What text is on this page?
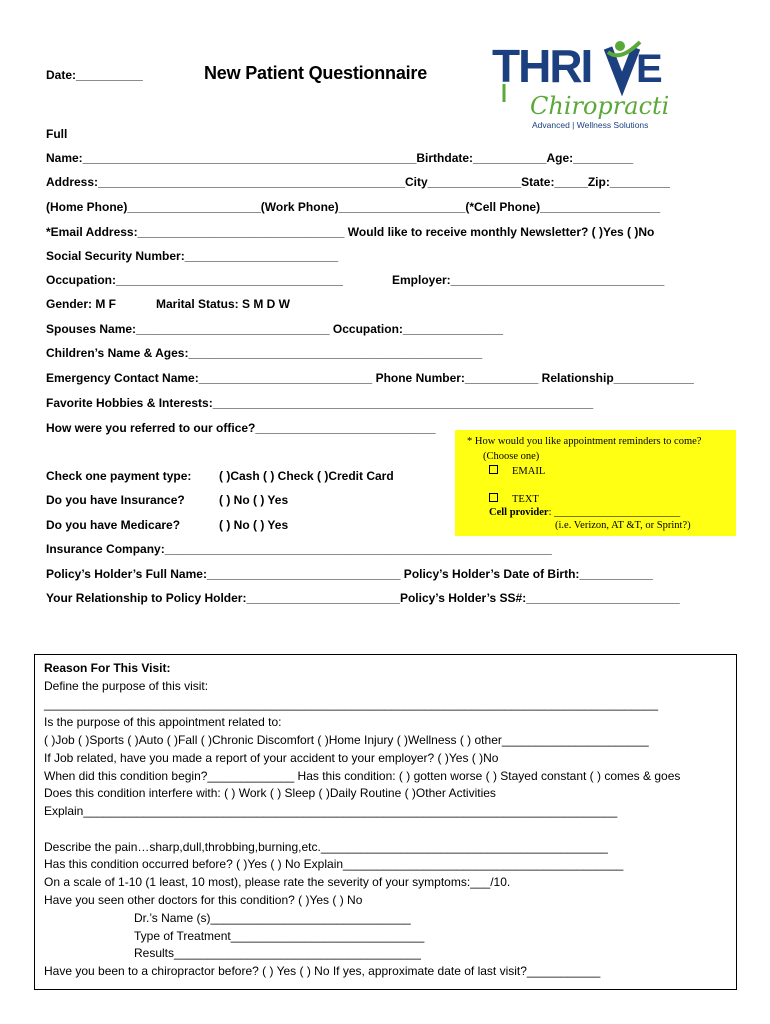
Date:__________	New Patient Questionnaire THRI E
Chiropractic
Advanced | Wellness Solutions
Full
Name:__________________________________________________Birthdate:___________Age:_________
Address:______________________________________________City______________State:_____Zip:_________
(Home Phone)____________________(Work Phone)___________________(*Cell Phone)__________________
*Email Address:_______________________________ Would like to receive monthly Newsletter? ( )Yes ( )No
Social Security Number:_______________________
Occupation:__________________________________	Employer:________________________________
Gender: M F	Marital Status: S M D W
Spouses Name:_____________________________ Occupation:_______________
Children’s Name & Ages:____________________________________________
Emergency Contact Name:__________________________ Phone Number:___________ Relationship____________
Favorite Hobbies & Interests:_________________________________________________________
How were you referred to our office?___________________________
Check one payment type: ( )Cash ( ) Check ( )Credit Card
Do you have Insurance?	( ) No ( ) Yes
Do you have Medicare?	( ) No ( ) Yes
Insurance Company:__________________________________________________________
Policy’s Holder’s Full Name:_____________________________ Policy’s Holder’s Date of Birth:___________
Your Relationship to Policy Holder:_______________________Policy’s Holder’s SS#:_______________________
* How would you like appointment reminders to come?
(Choose one)
EMAIL
TEXT
Cell provider: ________________________
(i.e. Verizon, AT &T, or Sprint?)
Reason For This Visit:
Define the purpose of this visit:
____________________________________________________________________________________________
Is the purpose of this appointment related to:
( )Job ( )Sports ( )Auto ( )Fall ( )Chronic Discomfort ( )Home Injury ( )Wellness ( ) other______________________
If Job related, have you made a report of your accident to your employer? ( )Yes ( )No
When did this condition begin?_____________ Has this condition: ( ) gotten worse ( ) Stayed constant ( ) comes & goes
Does this condition interfere with: ( ) Work ( ) Sleep ( )Daily Routine ( )Other Activities
Explain________________________________________________________________________________
Describe the pain…sharp,dull,throbbing,burning,etc.___________________________________________
Has this condition occurred before? ( )Yes ( ) No Explain__________________________________________
On a scale of 1-10 (1 least, 10 most), please rate the severity of your symptoms:___/10.
Have you seen other doctors for this condition? ( )Yes ( ) No
Dr.’s Name (s)______________________________
Type of Treatment_____________________________
Results_____________________________________
Have you been to a chiropractor before? ( ) Yes ( ) No If yes, approximate date of last visit?___________
